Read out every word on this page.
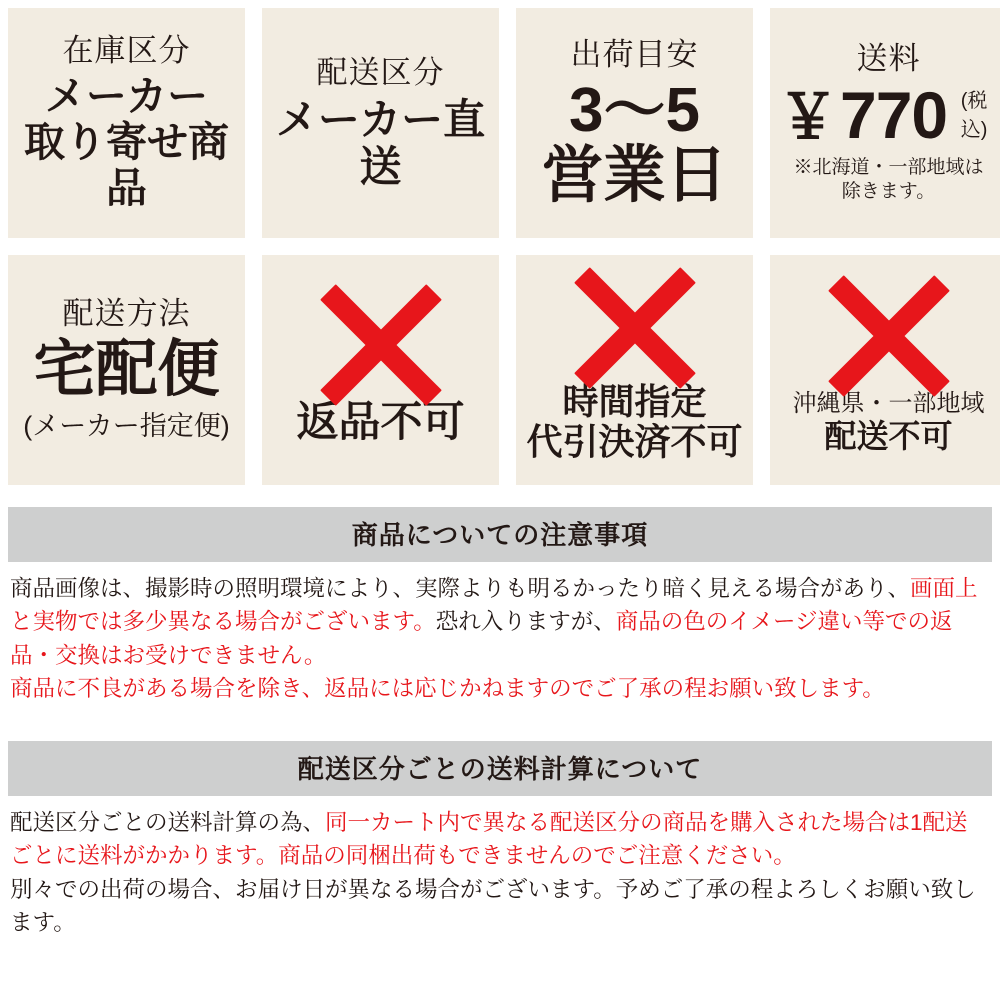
在庫区分
メーカー
取り寄せ商品
配送区分
メーカー直送
出荷目安
3〜5
営業日
送料
￥ 770 (税込)
※北海道・一部地域は
除きます。
配送方法
宅配便
(メーカー指定便) 返品不可	時間指定
代引決済不可
沖縄県・一部地域
配送不可
商品についての注意事項

商品画像は、撮影時の照明環境により、実際よりも明るかったり暗く見える場合があり、画面上と実物では多少異なる場合がございます。恐れ入りますが、商品の色のイメージ違い等での返品・交換はお受けできません。

商品に不良がある場合を除き、返品には応じかねますのでご了承の程お願い致します。

配送区分ごとの送料計算について

配送区分ごとの送料計算の為、同一カート内で異なる配送区分の商品を購入された場合は1配送ごとに送料がかかります。商品の同梱出荷もできませんのでご注意ください。

別々での出荷の場合、お届け日が異なる場合がございます。予めご了承の程よろしくお願い致します。
